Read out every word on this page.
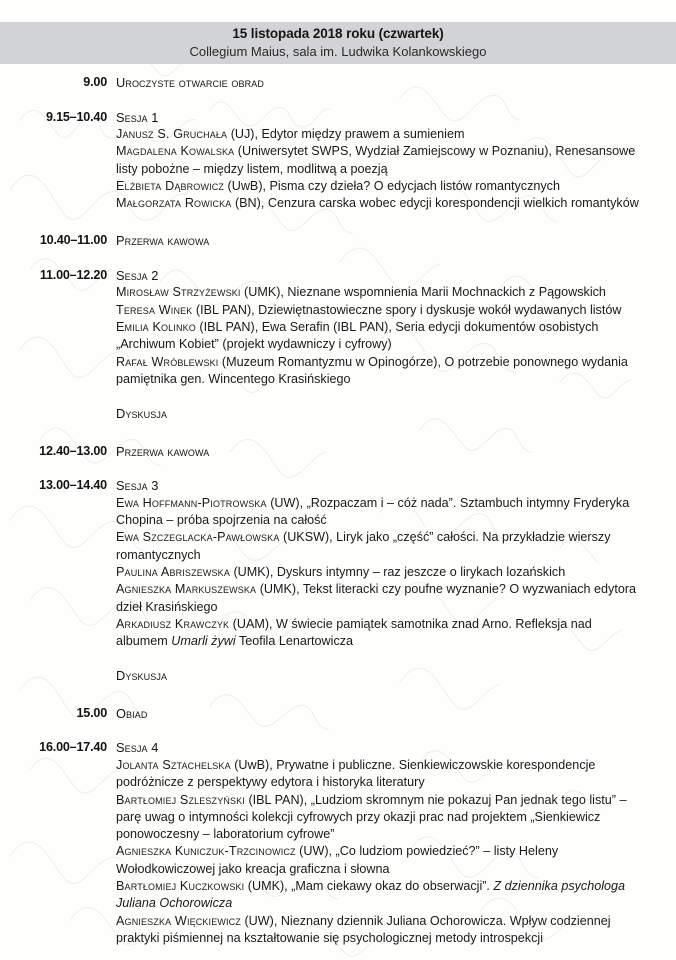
15 listopada 2018 roku (czwartek)
Collegium Maius, sala im. Ludwika Kolankowskiego
9.00 Uroczyste otwarcie obrad
9.15–10.40 Sesja 1
Janusz S. Gruchała (UJ), Edytor między prawem a sumieniem
Magdalena Kowalska (Uniwersytet SWPS, Wydział Zamiejscowy w Poznaniu), Renesansowe listy pobożne – między listem, modlitwą a poezją
Elżbieta Dąbrowicz (UwB), Pisma czy dzieła? O edycjach listów romantycznych
Małgorzata Rowicka (BN), Cenzura carska wobec edycji korespondencji wielkich romantyków
10.40–11.00 Przerwa kawowa
11.00–12.20 Sesja 2
Mirosław Strzyżewski (UMK), Nieznane wspomnienia Marii Mochnackich z Pągowskich
Teresa Winek (IBL PAN), Dziewiętnastowieczne spory i dyskusje wokół wydawanych listów
Emilia Kolinko (IBL PAN), Ewa Serafin (IBL PAN), Seria edycji dokumentów osobistych „Archiwum Kobiet” (projekt wydawniczy i cyfrowy)
Rafał Wróblewski (Muzeum Romantyzmu w Opinogórze), O potrzebie ponownego wydania pamiętnika gen. Wincentego Krasińskiego
Dyskusja
12.40–13.00 Przerwa kawowa
13.00–14.40 Sesja 3
Ewa Hoffmann-Piotrowska (UW), „Rozpaczam i – cóż nada”. Sztambuch intymny Fryderyka Chopina – próba spojrzenia na całość
Ewa Szczeglacka-Pawłowska (UKSW), Liryk jako „część” całości. Na przykładzie wierszy romantycznych
Paulina Abriszewska (UMK), Dyskurs intymny – raz jeszcze o lirykach lozańskich
Agnieszka Markuszewska (UMK), Tekst literacki czy poufne wyznanie? O wyzwaniach edytora dzieł Krasińskiego
Arkadiusz Krawczyk (UAM), W świecie pamiątek samotnika znad Arno. Refleksja nad albumem Umarli żywi Teofila Lenartowicza
Dyskusja
15.00 Obiad
16.00–17.40 Sesja 4
Jolanta Sztachelska (UwB), Prywatne i publiczne. Sienkiewiczowskie korespondencje podróżnicze z perspektywy edytora i historyka literatury
Bartłomiej Szleszyński (IBL PAN), „Ludziom skromnym nie pokazuj Pan jednak tego listu” – parę uwag o intymności kolekcji cyfrowych przy okazji prac nad projektem „Sienkiewicz ponowoczesny – laboratorium cyfrowe”
Agnieszka Kuniczuk-Trzcinowicz (UW), „Co ludziom powiedzieć?” – listy Heleny Wołodkowiczowej jako kreacja graficzna i słowna
Bartłomiej Kuczkowski (UMK), „Mam ciekawy okaz do obserwacji”. Z dziennika psychologa Juliana Ochorowicza
Agnieszka Więckiewicz (UW), Nieznany dziennik Juliana Ochorowicza. Wpływ codziennej praktyki piśmiennej na kształtowanie się psychologicznej metody introspekcji
